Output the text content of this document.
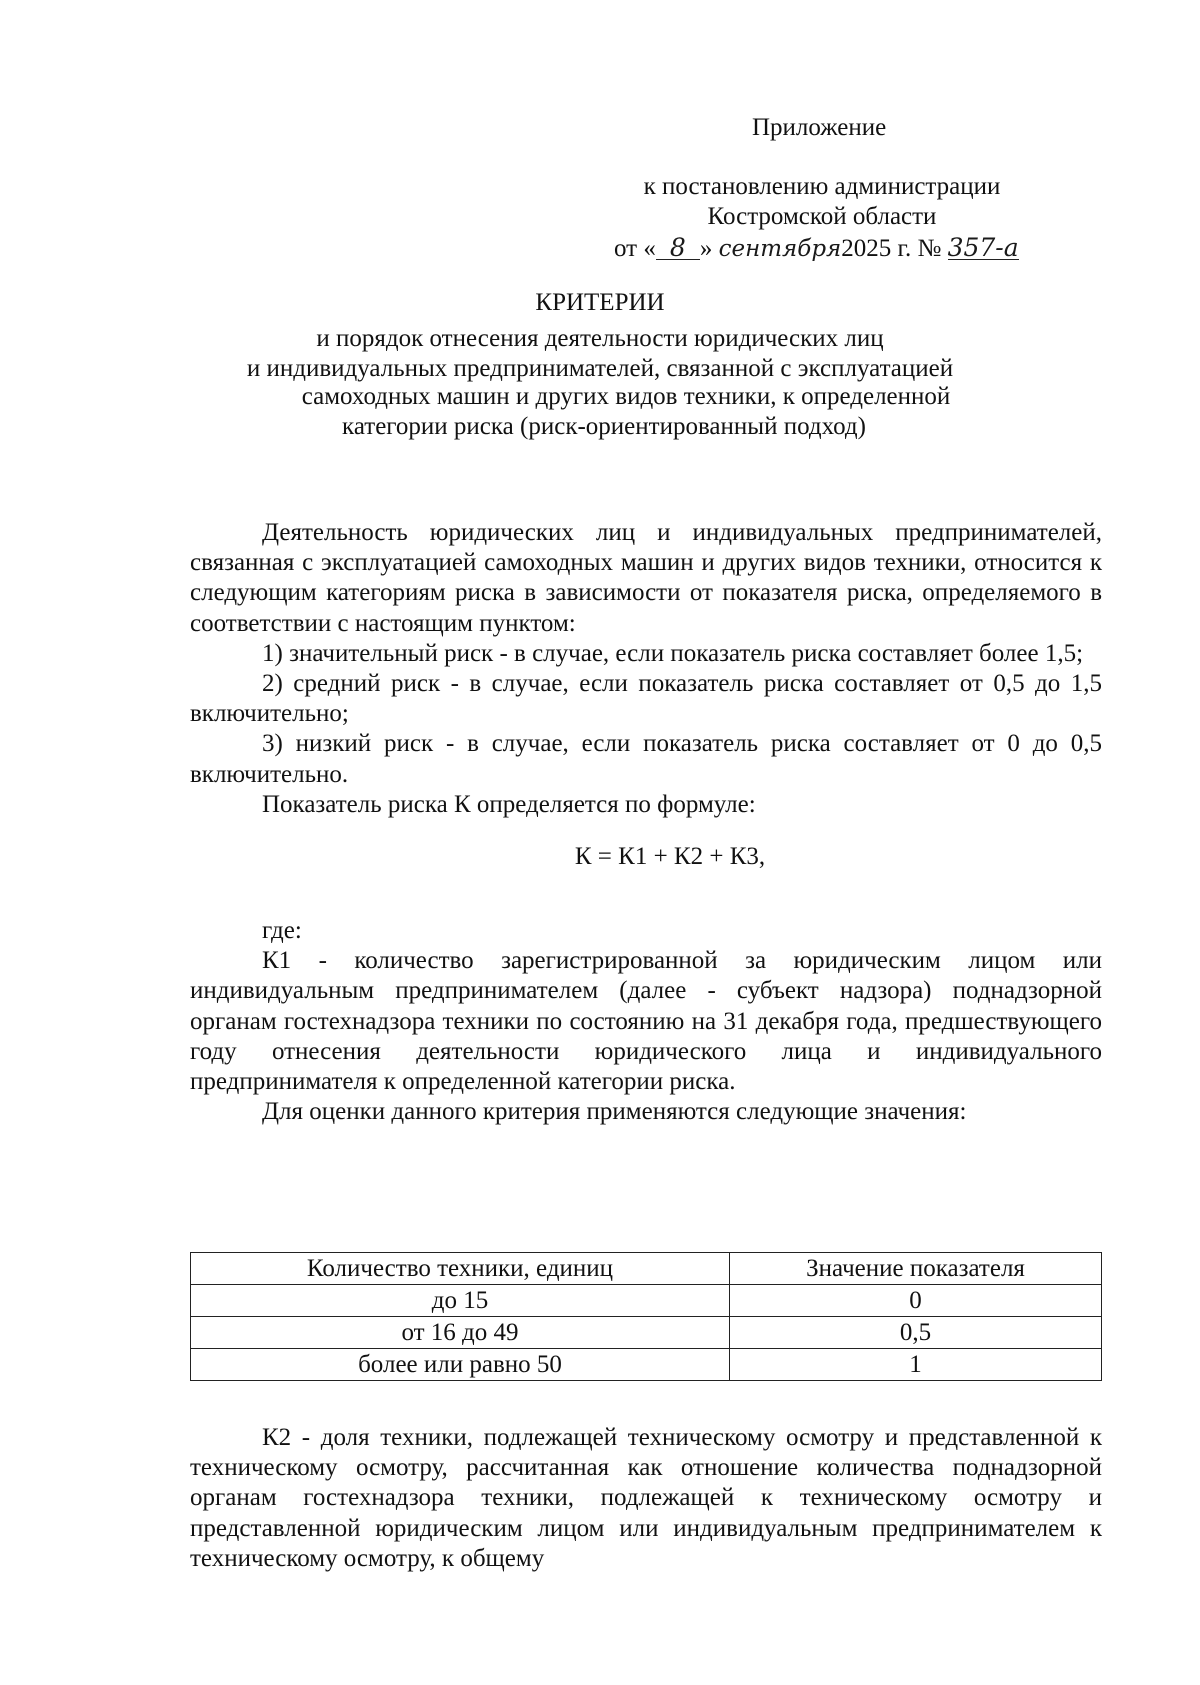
Приложение
к постановлению администрации
Костромской области
от « 8 » сентября2025 г. № 357-а
КРИТЕРИИ
и порядок отнесения деятельности юридических лиц
и индивидуальных предпринимателей, связанной с эксплуатацией
самоходных машин и других видов техники, к определенной
категории риска (риск-ориентированный подход)

Деятельность юридических лиц и индивидуальных предпринимателей, связанная с эксплуатацией самоходных машин и других видов техники, относится к следующим категориям риска в зависимости от показателя риска, определяемого в соответствии с настоящим пунктом:

1) значительный риск - в случае, если показатель риска составляет более 1,5;

2) средний риск - в случае, если показатель риска составляет от 0,5 до 1,5 включительно;

3) низкий риск - в случае, если показатель риска составляет от 0 до 0,5 включительно.

Показатель риска К определяется по формуле:

К = К1 + К2 + К3,

где:

К1 - количество зарегистрированной за юридическим лицом или индивидуальным предпринимателем (далее - субъект надзора) поднадзорной органам гостехнадзора техники по состоянию на 31 декабря года, предшествующего году отнесения деятельности юридического лица и индивидуального предпринимателя к определенной категории риска.

Для оценки данного критерия применяются следующие значения:

Количество техники, единиц	Значение показателя
до 15	0
от 16 до 49	0,5
более или равно 50	1

К2 - доля техники, подлежащей техническому осмотру и представленной к техническому осмотру, рассчитанная как отношение количества поднадзорной органам гостехнадзора техники, подлежащей к техническому осмотру и представленной юридическим лицом или индивидуальным предпринимателем к техническому осмотру, к общему
